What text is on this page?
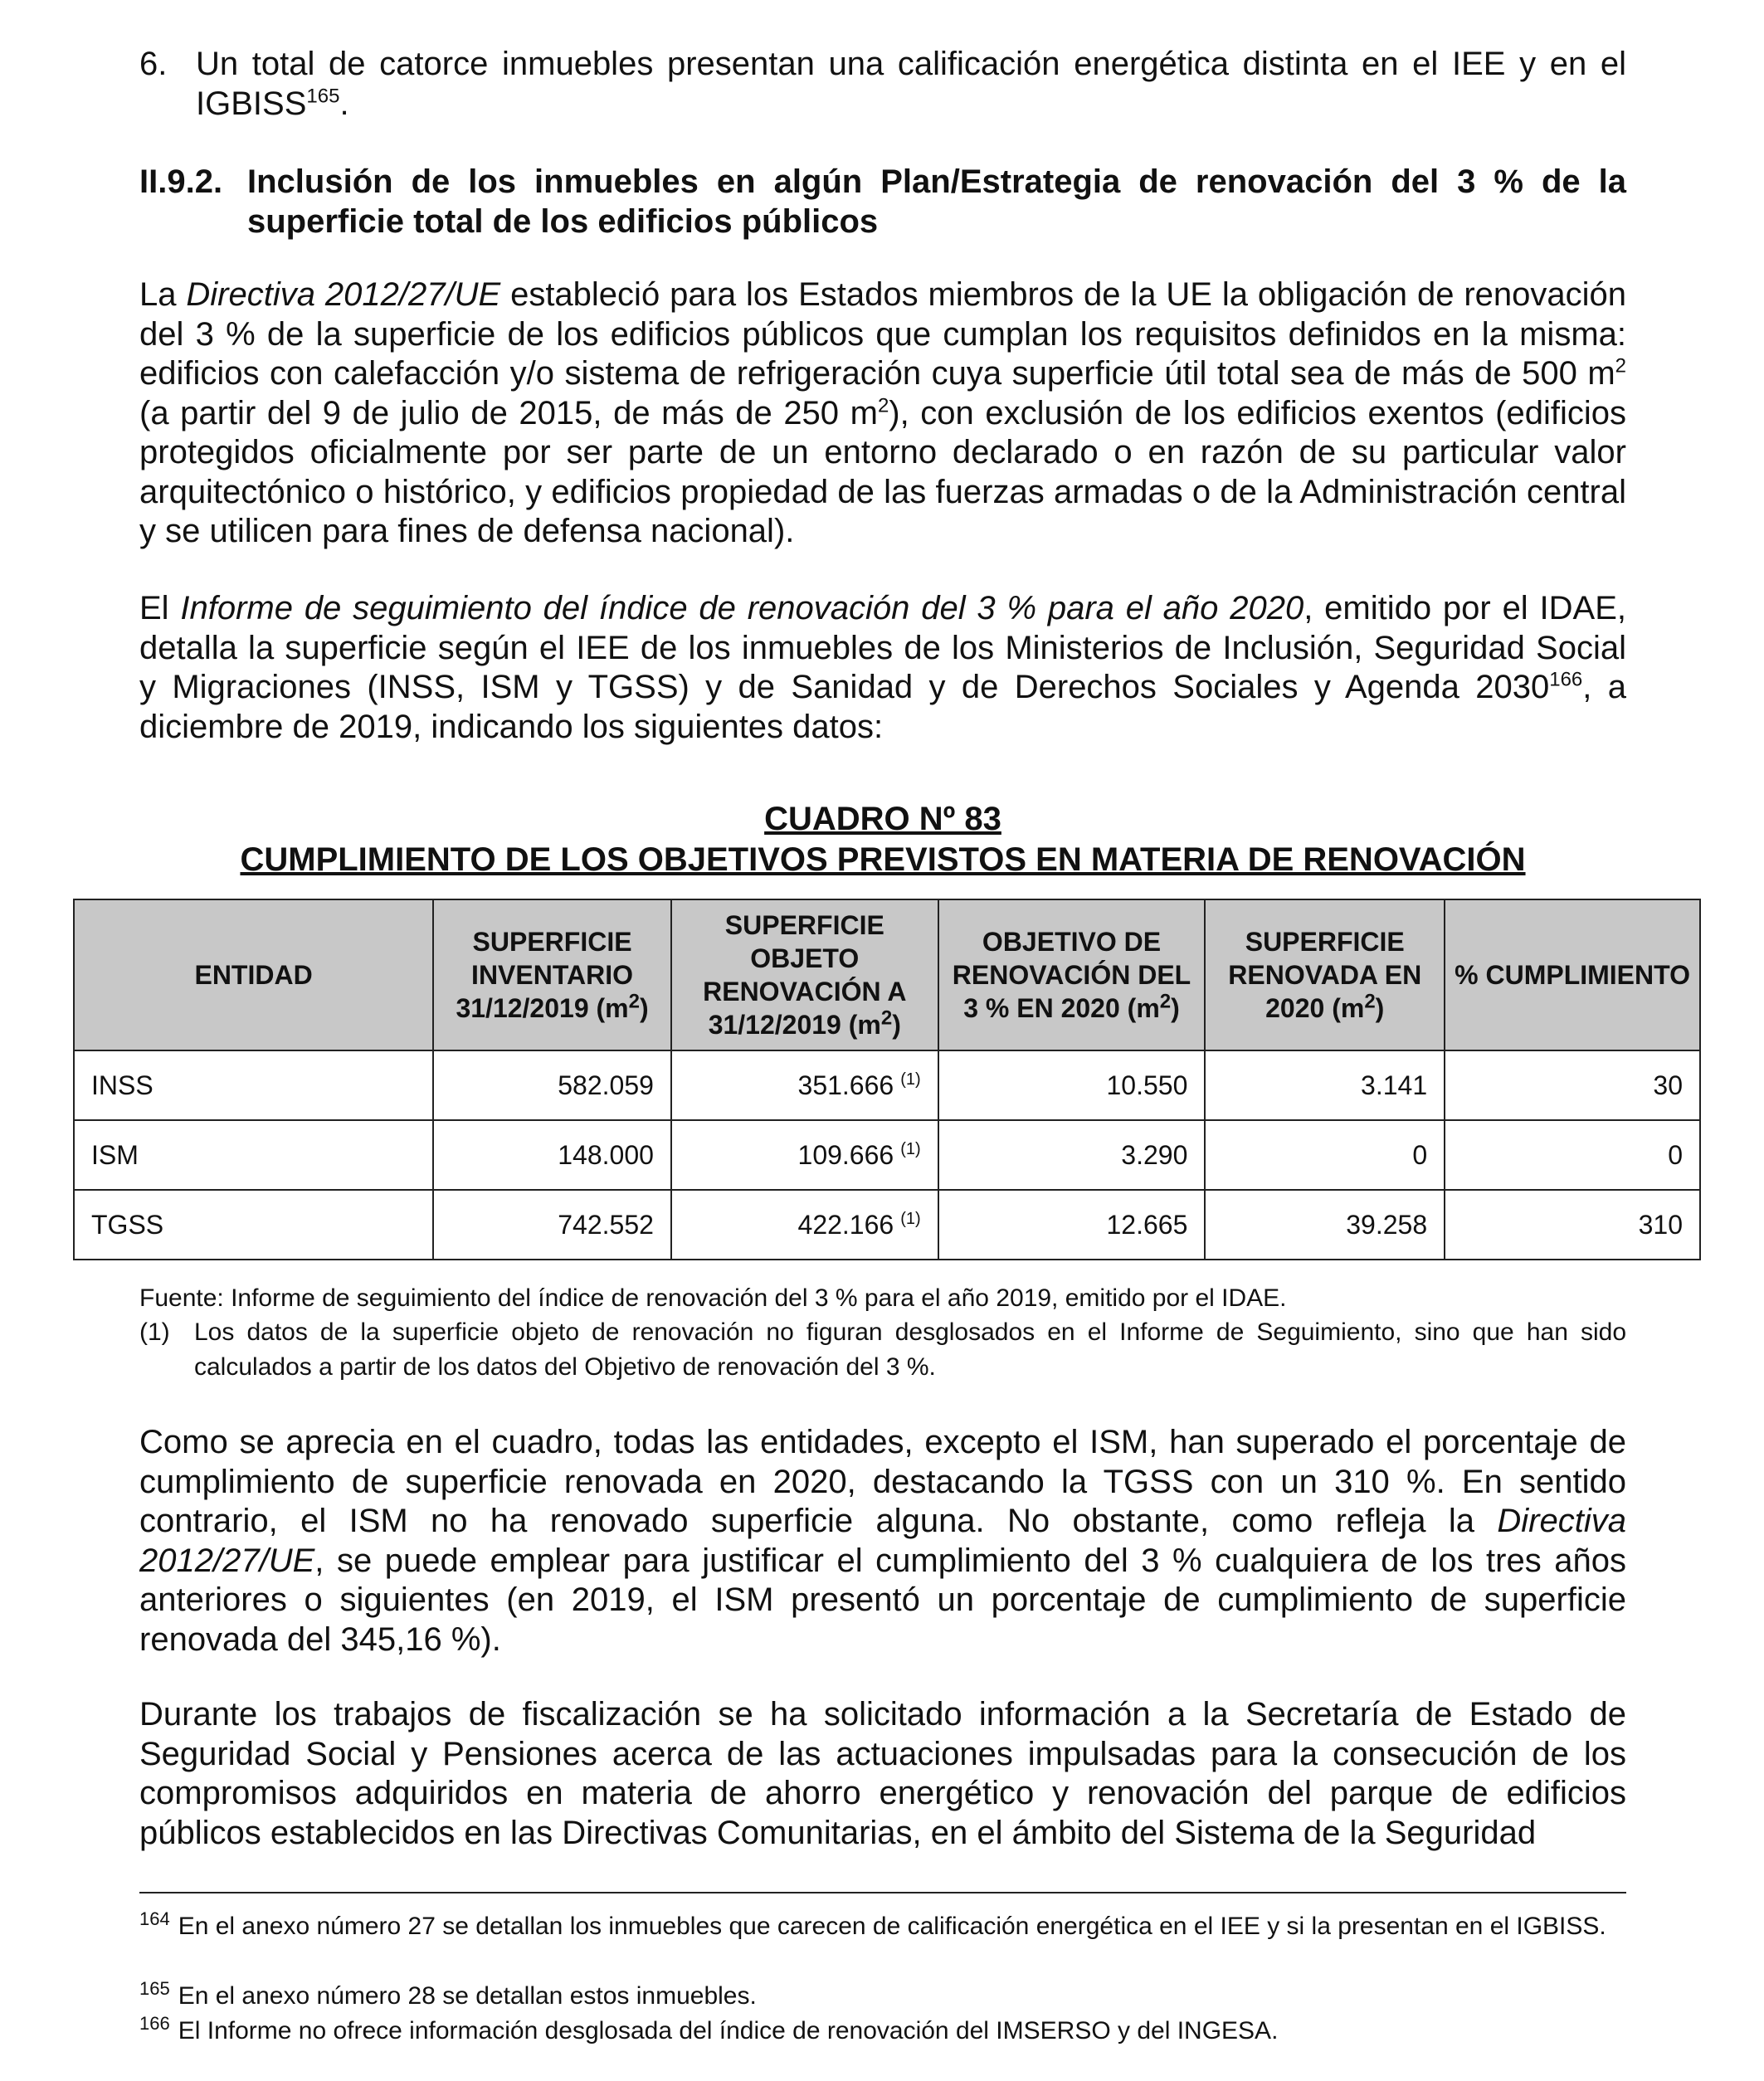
6. Un total de catorce inmuebles presentan una calificación energética distinta en el IEE y en el IGBISS$^{165}$.
II.9.2. Inclusión de los inmuebles en algún Plan/Estrategia de renovación del 3 % de la superficie total de los edificios públicos

La Directiva 2012/27/UE estableció para los Estados miembros de la UE la obligación de renovación del 3 % de la superficie de los edificios públicos que cumplan los requisitos definidos en la misma: edificios con calefacción y/o sistema de refrigeración cuya superficie útil total sea de más de 500 $m^2$ (a partir del 9 de julio de 2015, de más de 250 $m^2$), con exclusión de los edificios exentos (edificios protegidos oficialmente por ser parte de un entorno declarado o en razón de su particular valor arquitectónico o histórico, y edificios propiedad de las fuerzas armadas o de la Administración central y se utilicen para fines de defensa nacional).

El Informe de seguimiento del índice de renovación del 3 % para el año 2020, emitido por el IDAE, detalla la superficie según el IEE de los inmuebles de los Ministerios de Inclusión, Seguridad Social y Migraciones (INSS, ISM y TGSS) y de Sanidad y de Derechos Sociales y Agenda 2030$^{166}$, a diciembre de 2019, indicando los siguientes datos:

CUADRO Nº 83
CUMPLIMIENTO DE LOS OBJETIVOS PREVISTOS EN MATERIA DE RENOVACIÓN
ENTIDAD	SUPERFICIE INVENTARIO 31/12/2019 $(m^2)$	SUPERFICIE OBJETO RENOVACIÓN A 31/12/2019 $(m^2)$	OBJETIVO DE RENOVACIÓN DEL 3 % EN 2020 $(m^2)$	SUPERFICIE RENOVADA EN 2020 $(m^2)$	% CUMPLIMIENTO
INSS	582.059	351.666 $^{(1)}$	10.550	3.141	30
ISM	148.000	109.666 $^{(1)}$	3.290	0	0
TGSS	742.552	422.166 $^{(1)}$	12.665	39.258	310
Fuente: Informe de seguimiento del índice de renovación del 3 % para el año 2019, emitido por el IDAE.
(1) Los datos de la superficie objeto de renovación no figuran desglosados en el Informe de Seguimiento, sino que han sido calculados a partir de los datos del Objetivo de renovación del 3 %.

Como se aprecia en el cuadro, todas las entidades, excepto el ISM, han superado el porcentaje de cumplimiento de superficie renovada en 2020, destacando la TGSS con un 310 %. En sentido contrario, el ISM no ha renovado superficie alguna. No obstante, como refleja la Directiva 2012/27/UE, se puede emplear para justificar el cumplimiento del 3 % cualquiera de los tres años anteriores o siguientes (en 2019, el ISM presentó un porcentaje de cumplimiento de superficie renovada del 345,16 %).

Durante los trabajos de fiscalización se ha solicitado información a la Secretaría de Estado de Seguridad Social y Pensiones acerca de las actuaciones impulsadas para la consecución de los compromisos adquiridos en materia de ahorro energético y renovación del parque de edificios públicos establecidos en las Directivas Comunitarias, en el ámbito del Sistema de la Seguridad

$^{164}$ En el anexo número 27 se detallan los inmuebles que carecen de calificación energética en el IEE y si la presentan en el IGBISS.
$^{165}$ En el anexo número 28 se detallan estos inmuebles.
$^{166}$ El Informe no ofrece información desglosada del índice de renovación del IMSERSO y del INGESA.
